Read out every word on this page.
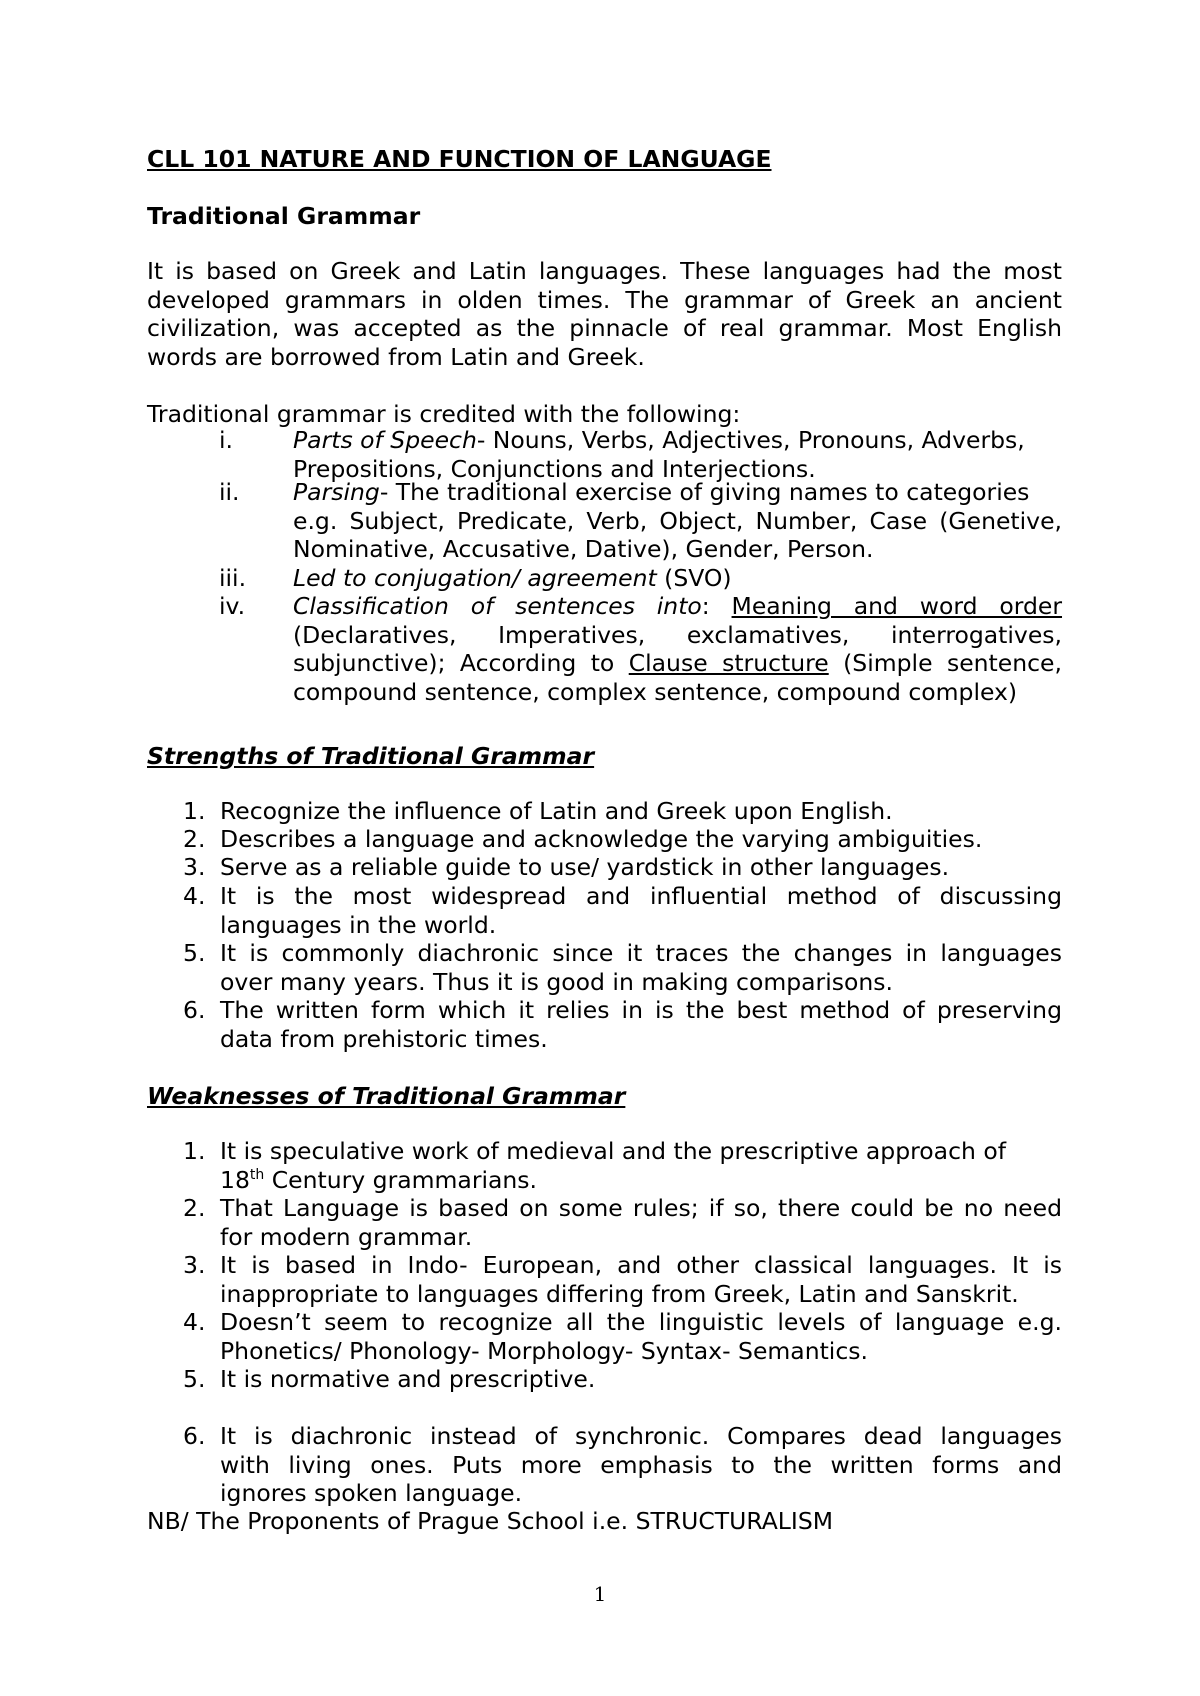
CLL 101 NATURE AND FUNCTION OF LANGUAGE
Traditional Grammar
It is based on Greek and Latin languages. These languages had the most
developed grammars in olden times. The grammar of Greek an ancient
civilization, was accepted as the pinnacle of real grammar. Most English
words are borrowed from Latin and Greek.
Traditional grammar is credited with the following:
i.	Parts of Speech- Nouns, Verbs, Adjectives, Pronouns, Adverbs,
Prepositions, Conjunctions and Interjections.
ii. Parsing- The traditional exercise of giving names to categories
e.g. Subject, Predicate, Verb, Object, Number, Case (Genetive,
Nominative, Accusative, Dative), Gender, Person.
iii. Led to conjugation/ agreement (SVO)
iv. Classification of sentences into: Meaning and word order
(Declaratives, Imperatives, exclamatives, interrogatives,
subjunctive); According to Clause structure (Simple sentence,
compound sentence, complex sentence, compound complex)
Strengths of Traditional Grammar
1. Recognize the influence of Latin and Greek upon English.
2. Describes a language and acknowledge the varying ambiguities.
3. Serve as a reliable guide to use/ yardstick in other languages.
4. It is the most widespread and influential method of discussing
languages in the world.
5. It is commonly diachronic since it traces the changes in languages
over many years. Thus it is good in making comparisons.
6. The written form which it relies in is the best method of preserving
data from prehistoric times.
Weaknesses of Traditional Grammar
1. It is speculative work of medieval and the prescriptive approach of
18th Century grammarians.
2. That Language is based on some rules; if so, there could be no need
for modern grammar.
3. It is based in Indo- European, and other classical languages. It is
inappropriate to languages differing from Greek, Latin and Sanskrit.
4. Doesn’t seem to recognize all the linguistic levels of language e.g.
Phonetics/ Phonology- Morphology- Syntax- Semantics.
5. It is normative and prescriptive.
6. It is diachronic instead of synchronic. Compares dead languages
with living ones. Puts more emphasis to the written forms and
ignores spoken language.
NB/ The Proponents of Prague School i.e. STRUCTURALISM
1
